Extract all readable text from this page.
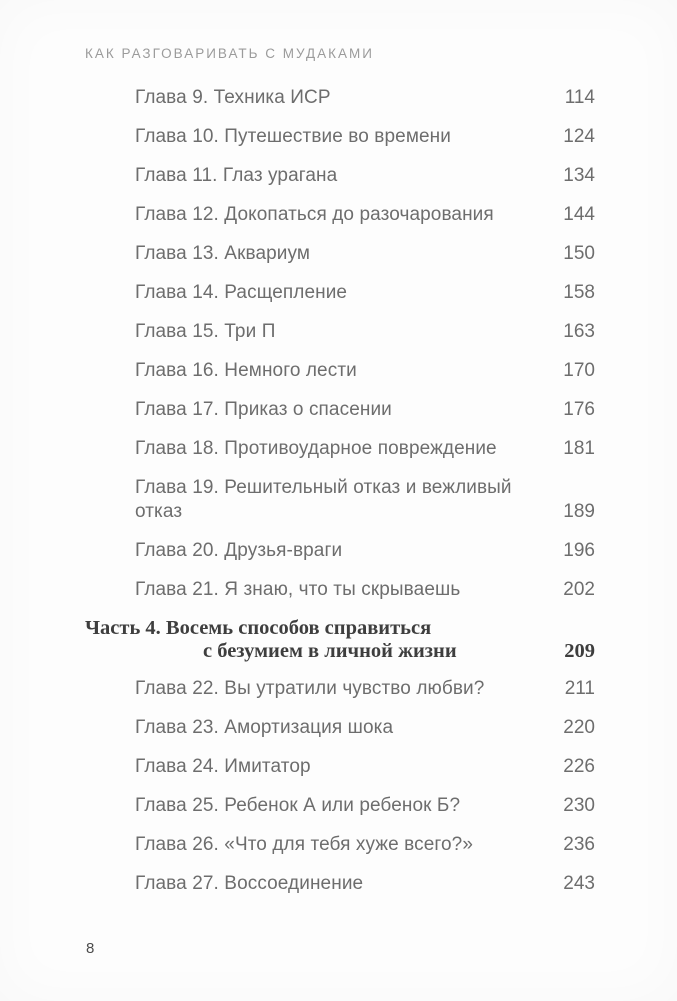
КАК РАЗГОВАРИВАТЬ С МУДАКАМИ
Глава 9. Техника ИСР	114
Глава 10. Путешествие во времени	124
Глава 11. Глаз урагана	134
Глава 12. Докопаться до разочарования	144
Глава 13. Аквариум	150
Глава 14. Расщепление	158
Глава 15. Три П	163
Глава 16. Немного лести	170
Глава 17. Приказ о спасении	176
Глава 18. Противоударное повреждение	181
Глава 19. Решительный отказ и вежливый
отказ	189
Глава 20. Друзья-враги	196
Глава 21. Я знаю, что ты скрываешь	202
Часть 4. Восемь способов справиться
с безумием в личной жизни	209
Глава 22. Вы утратили чувство любви?	211
Глава 23. Амортизация шока	220
Глава 24. Имитатор	226
Глава 25. Ребенок А или ребенок Б?	230
Глава 26. «Что для тебя хуже всего?»	236
Глава 27. Воссоединение	243
8
